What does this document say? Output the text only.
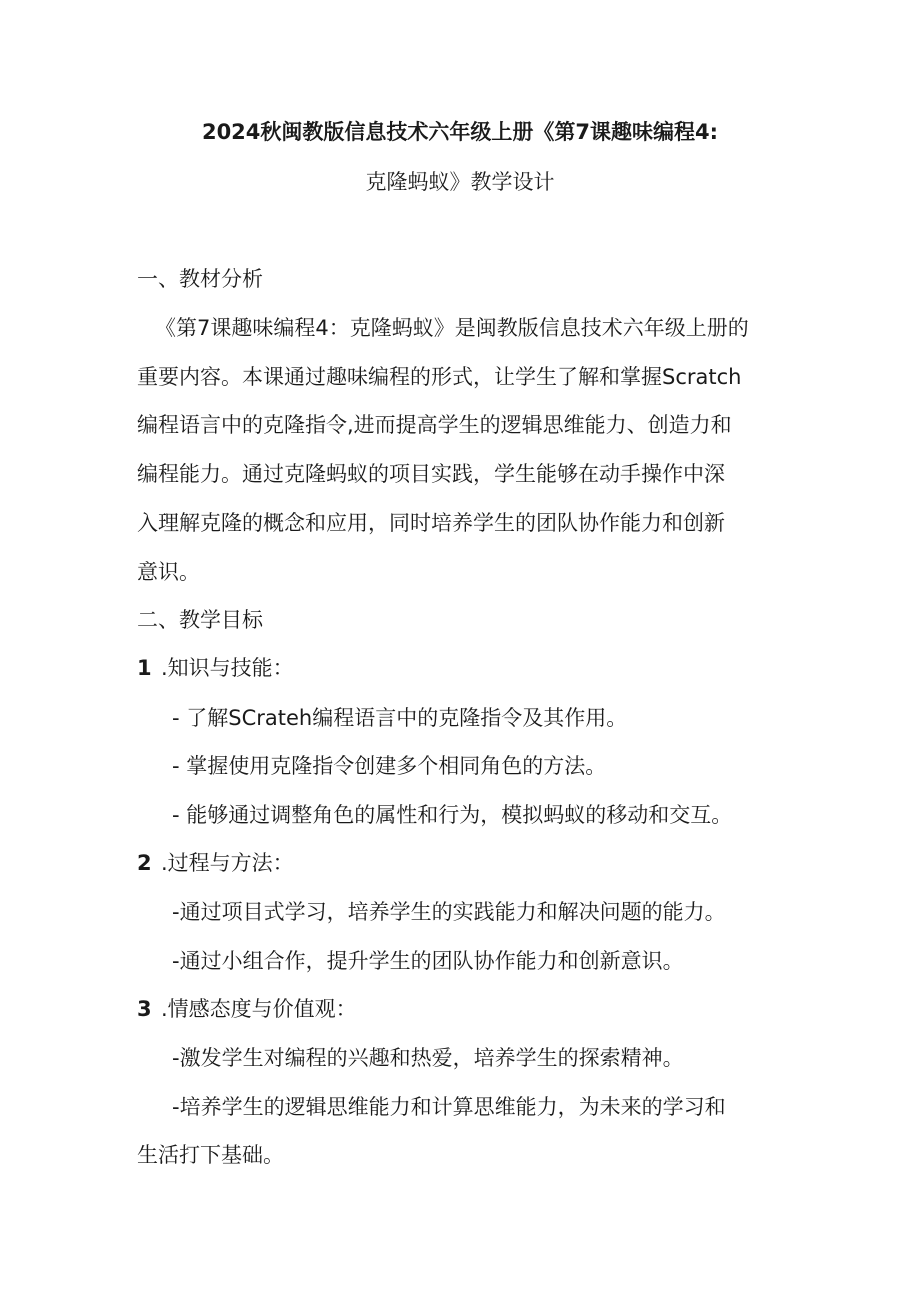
2024秋闽教版信息技术六年级上册《第7课趣味编程4:
克隆蚂蚁》教学设计
一、教材分析
《第7课趣味编程4：克隆蚂蚁》是闽教版信息技术六年级上册的
重要内容。本课通过趣味编程的形式，让学生了解和掌握Scratch
编程语言中的克隆指令,进而提高学生的逻辑思维能力、创造力和
编程能力。通过克隆蚂蚁的项目实践，学生能够在动手操作中深
入理解克隆的概念和应用，同时培养学生的团队协作能力和创新
意识。
二、教学目标
1 .知识与技能：
- 了解SCrateh编程语言中的克隆指令及其作用。
- 掌握使用克隆指令创建多个相同角色的方法。
- 能够通过调整角色的属性和行为，模拟蚂蚁的移动和交互。
2 .过程与方法：
-通过项目式学习，培养学生的实践能力和解决问题的能力。
-通过小组合作，提升学生的团队协作能力和创新意识。
3 .情感态度与价值观：
-激发学生对编程的兴趣和热爱，培养学生的探索精神。
-培养学生的逻辑思维能力和计算思维能力，为未来的学习和
生活打下基础。
